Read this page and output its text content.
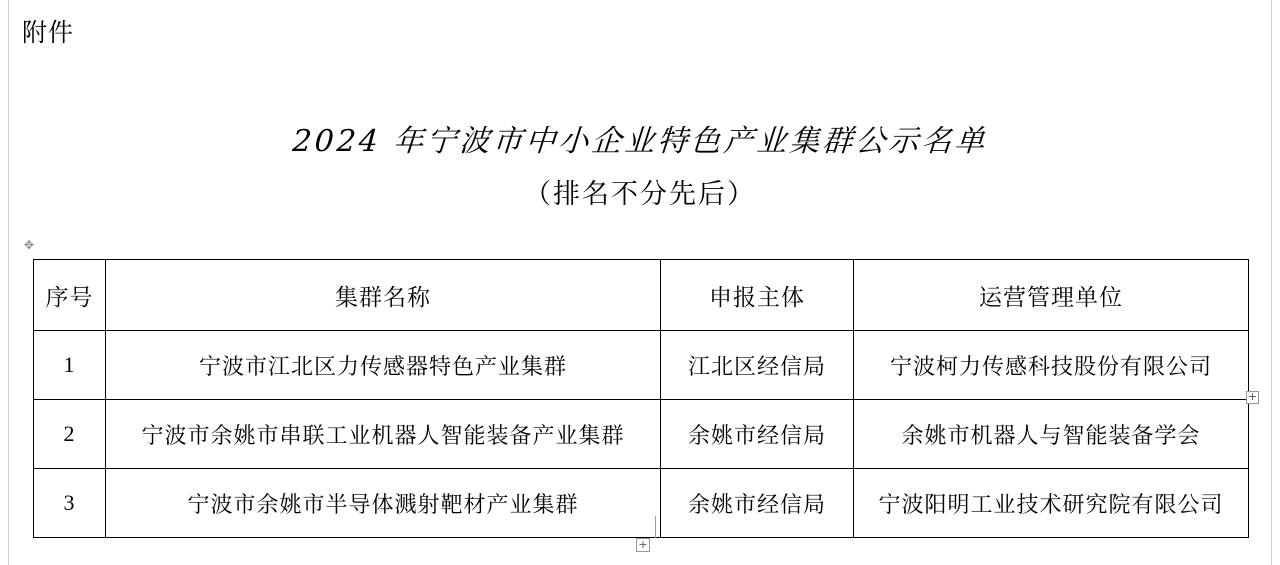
附件
2024 年宁波市中小企业特色产业集群公示名单
（排名不分先后）
✥
序号	集群名称	申报主体	运营管理单位
1	宁波市江北区力传感器特色产业集群	江北区经信局	宁波柯力传感科技股份有限公司
2	宁波市余姚市串联工业机器人智能装备产业集群	余姚市经信局	余姚市机器人与智能装备学会
3	宁波市余姚市半导体溅射靶材产业集群	余姚市经信局	宁波阳明工业技术研究院有限公司
+
+
